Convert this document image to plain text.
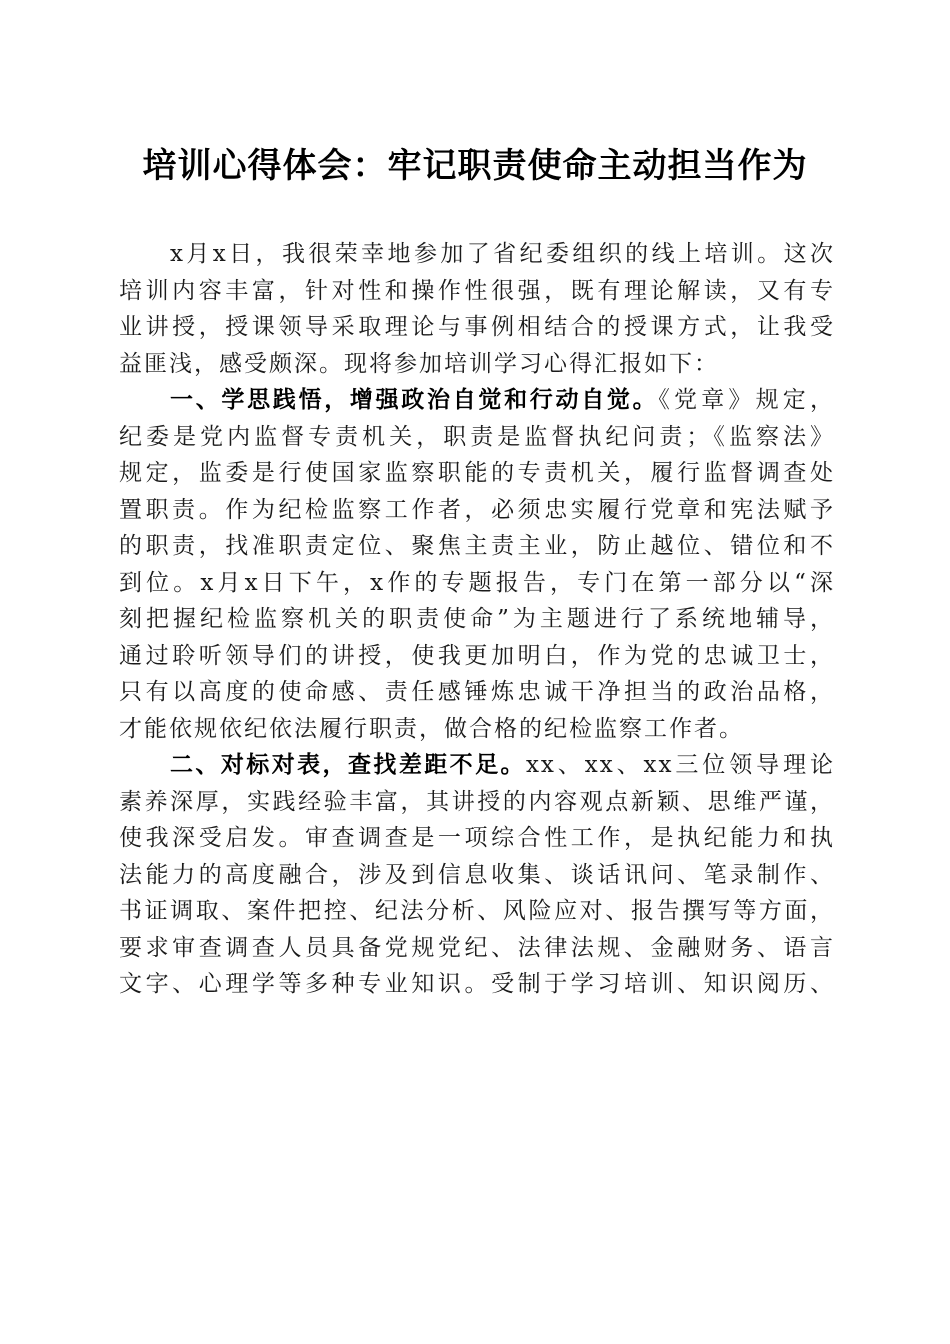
培训心得体会：牢记职责使命主动担当作为
x月x日，我很荣幸地参加了省纪委组织的线上培训。这次
培训内容丰富，针对性和操作性很强，既有理论解读，又有专
业讲授，授课领导采取理论与事例相结合的授课方式，让我受
益匪浅，感受颇深。现将参加培训学习心得汇报如下：
一、学思践悟，增强政治自觉和行动自觉。《党章》规定，
纪委是党内监督专责机关，职责是监督执纪问责；《监察法》
规定，监委是行使国家监察职能的专责机关，履行监督调查处
置职责。作为纪检监察工作者，必须忠实履行党章和宪法赋予
的职责，找准职责定位、聚焦主责主业，防止越位、错位和不
到位。x月x日下午，x作的专题报告，专门在第一部分以“深
刻把握纪检监察机关的职责使命”为主题进行了系统地辅导，
通过聆听领导们的讲授，使我更加明白，作为党的忠诚卫士，
只有以高度的使命感、责任感锤炼忠诚干净担当的政治品格，
才能依规依纪依法履行职责，做合格的纪检监察工作者。
二、对标对表，查找差距不足。xx、xx、xx三位领导理论
素养深厚，实践经验丰富，其讲授的内容观点新颖、思维严谨，
使我深受启发。审查调查是一项综合性工作，是执纪能力和执
法能力的高度融合，涉及到信息收集、谈话讯问、笔录制作、
书证调取、案件把控、纪法分析、风险应对、报告撰写等方面，
要求审查调查人员具备党规党纪、法律法规、金融财务、语言
文字、心理学等多种专业知识。受制于学习培训、知识阅历、
